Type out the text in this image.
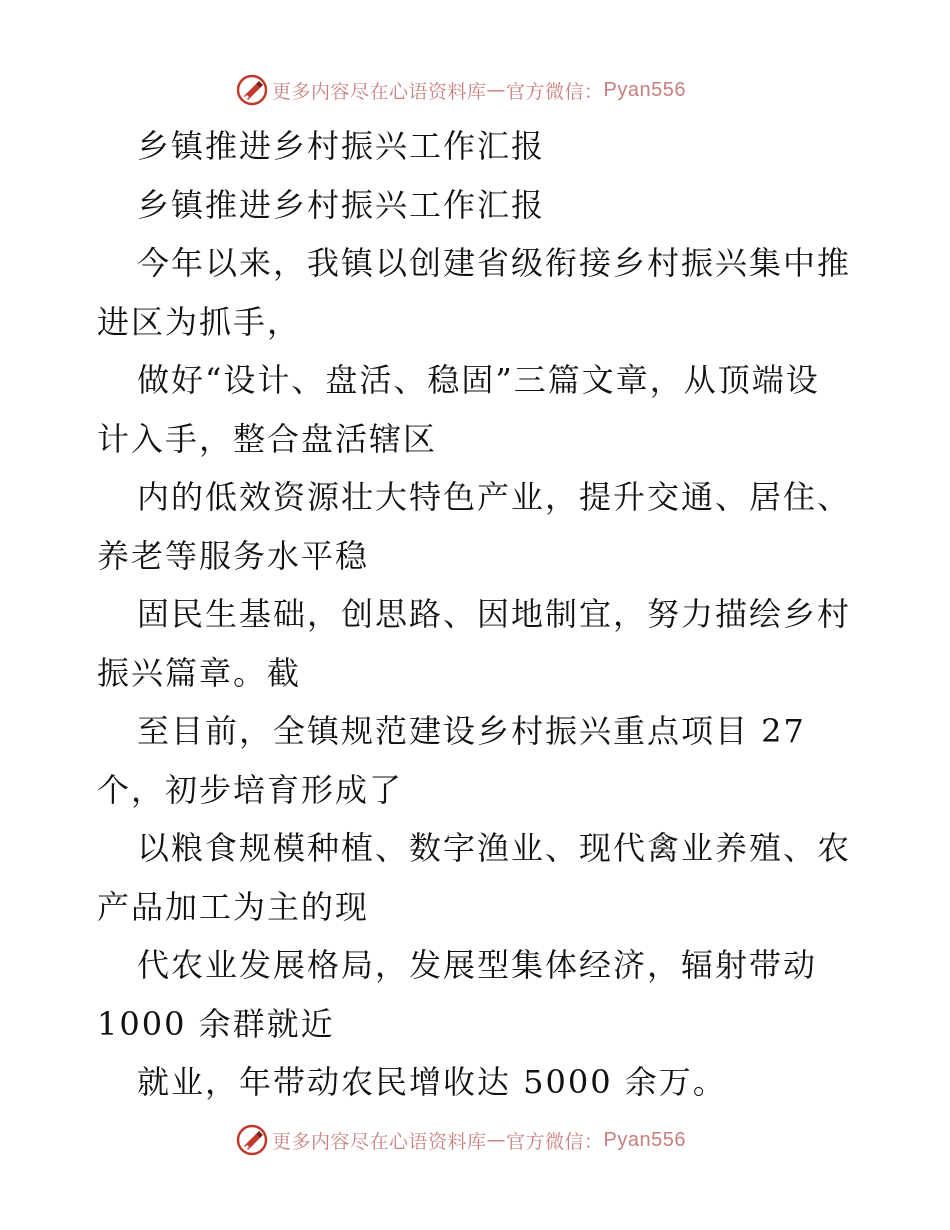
更多内容尽在心语资料库 — 官方微信： Pyan556
乡镇推进乡村振兴工作汇报
乡镇推进乡村振兴工作汇报
今年以来，我镇以创建省级衔接乡村振兴集中推
进区为抓手，
做好“设计、盘活、稳固”三篇文章，从顶端设
计入手，整合盘活辖区
内的低效资源壮大特色产业，提升交通、居住、
养老等服务水平稳
固民生基础，创思路、因地制宜，努力描绘乡村
振兴篇章。截
至目前，全镇规范建设乡村振兴重点项目 27
个，初步培育形成了
以粮食规模种植、数字渔业、现代禽业养殖、农
产品加工为主的现
代农业发展格局，发展型集体经济，辐射带动
1000 余群就近
就业，年带动农民增收达 5000 余万。
更多内容尽在心语资料库 — 官方微信： Pyan556
